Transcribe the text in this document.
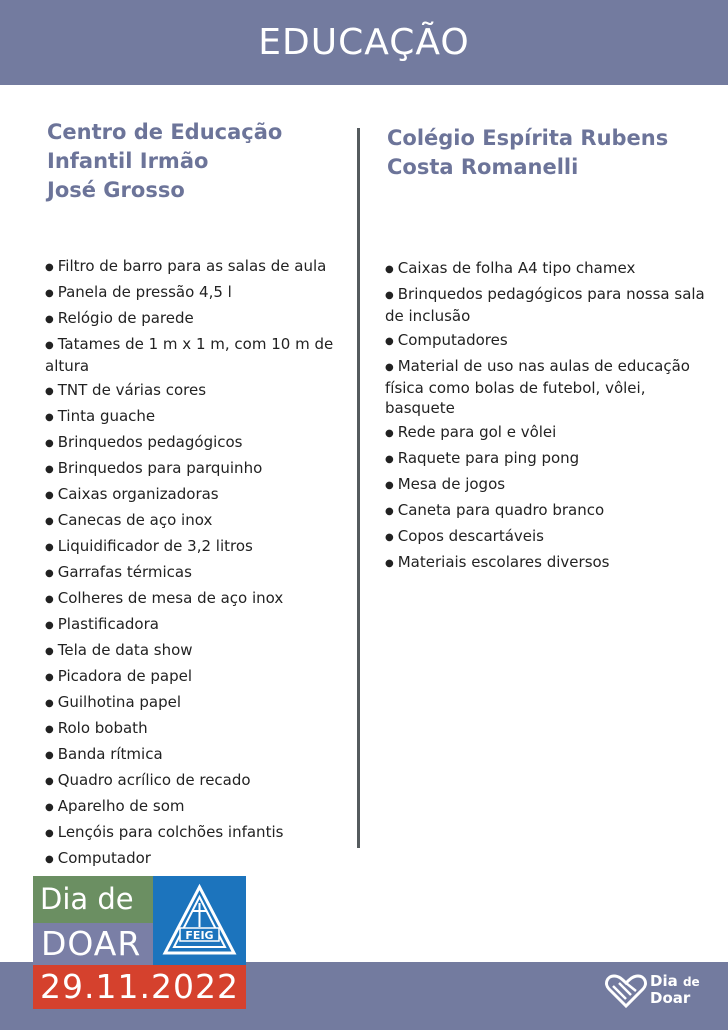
EDUCAÇÃO
Centro de Educação
Infantil Irmão
José Grosso
Colégio Espírita Rubens
Costa Romanelli
● Filtro de barro para as salas de aula
● Panela de pressão 4,5 l
● Relógio de parede
● Tatames de 1 m x 1 m, com 10 m de altura
● TNT de várias cores
● Tinta guache
● Brinquedos pedagógicos
● Brinquedos para parquinho
● Caixas organizadoras
● Canecas de aço inox
● Liquidificador de 3,2 litros
● Garrafas térmicas
● Colheres de mesa de aço inox
● Plastificadora
● Tela de data show
● Picadora de papel
● Guilhotina papel
● Rolo bobath
● Banda rítmica
● Quadro acrílico de recado
● Aparelho de som
● Lençóis para colchões infantis
● Computador
● Caixas de folha A4 tipo chamex
● Brinquedos pedagógicos para nossa sala de inclusão
● Computadores
● Material de uso nas aulas de educação física como bolas de futebol, vôlei, basquete
● Rede para gol e vôlei
● Raquete para ping pong
● Mesa de jogos
● Caneta para quadro branco
● Copos descartáveis
● Materiais escolares diversos
Dia de
DOAR
29.11.2022
FEIG
Dia de
Doar
